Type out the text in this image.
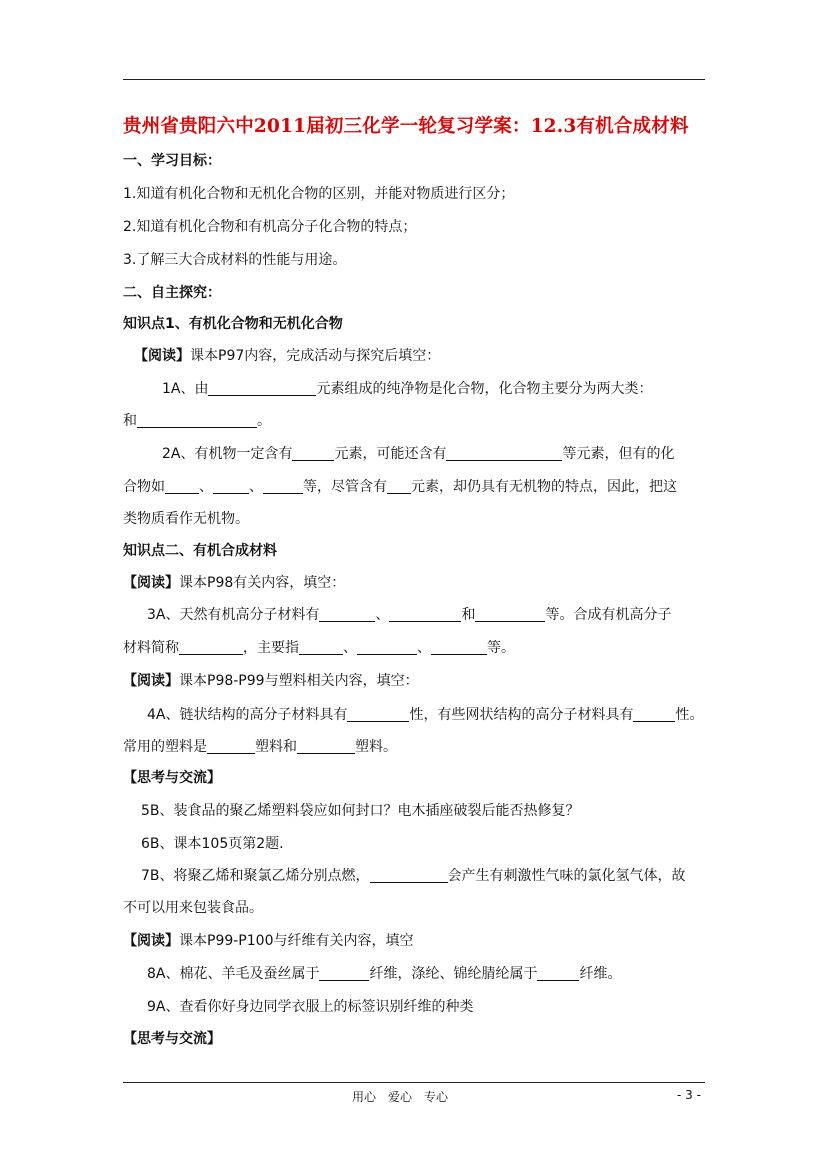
贵州省贵阳六中2011届初三化学一轮复习学案：12.3有机合成材料
一、学习目标：
1.知道有机化合物和无机化合物的区别，并能对物质进行区分；
2.知道有机化合物和有机高分子化合物的特点；
3.了解三大合成材料的性能与用途。
二、自主探究：
知识点1、有机化合物和无机化合物
【阅读】课本P97内容，完成活动与探究后填空：
1A、由	元素组成的纯净物是化合物，化合物主要分为两大类：
和	。
2A、有机物一定含有	元素，可能还含有	等元素，但有的化
合物如 、	、	等，尽管含有 元素，却仍具有无机物的特点，因此，把这
类物质看作无机物。
知识点二、有机合成材料
【阅读】课本P98有关内容，填空：
3A、天然有机高分子材料有	、	和	等。合成有机高分子
材料简称	，主要指	、	、	等。
【阅读】课本P98-P99与塑料相关内容，填空：
4A、链状结构的高分子材料具有	性，有些网状结构的高分子材料具有	性。
常用的塑料是	塑料和	塑料。
【思考与交流】
5B、装食品的聚乙烯塑料袋应如何封口？电木插座破裂后能否热修复？
6B、课本105页第2题.
7B、将聚乙烯和聚氯乙烯分别点燃，	会产生有刺激性气味的氯化氢气体，故
不可以用来包装食品。
【阅读】课本P99-P100与纤维有关内容，填空
8A、棉花、羊毛及蚕丝属于	纤维，涤纶、锦纶腈纶属于	纤维。
9A、查看你好身边同学衣服上的标签识别纤维的种类
【思考与交流】
用心　爱心　专心	- 3 -
